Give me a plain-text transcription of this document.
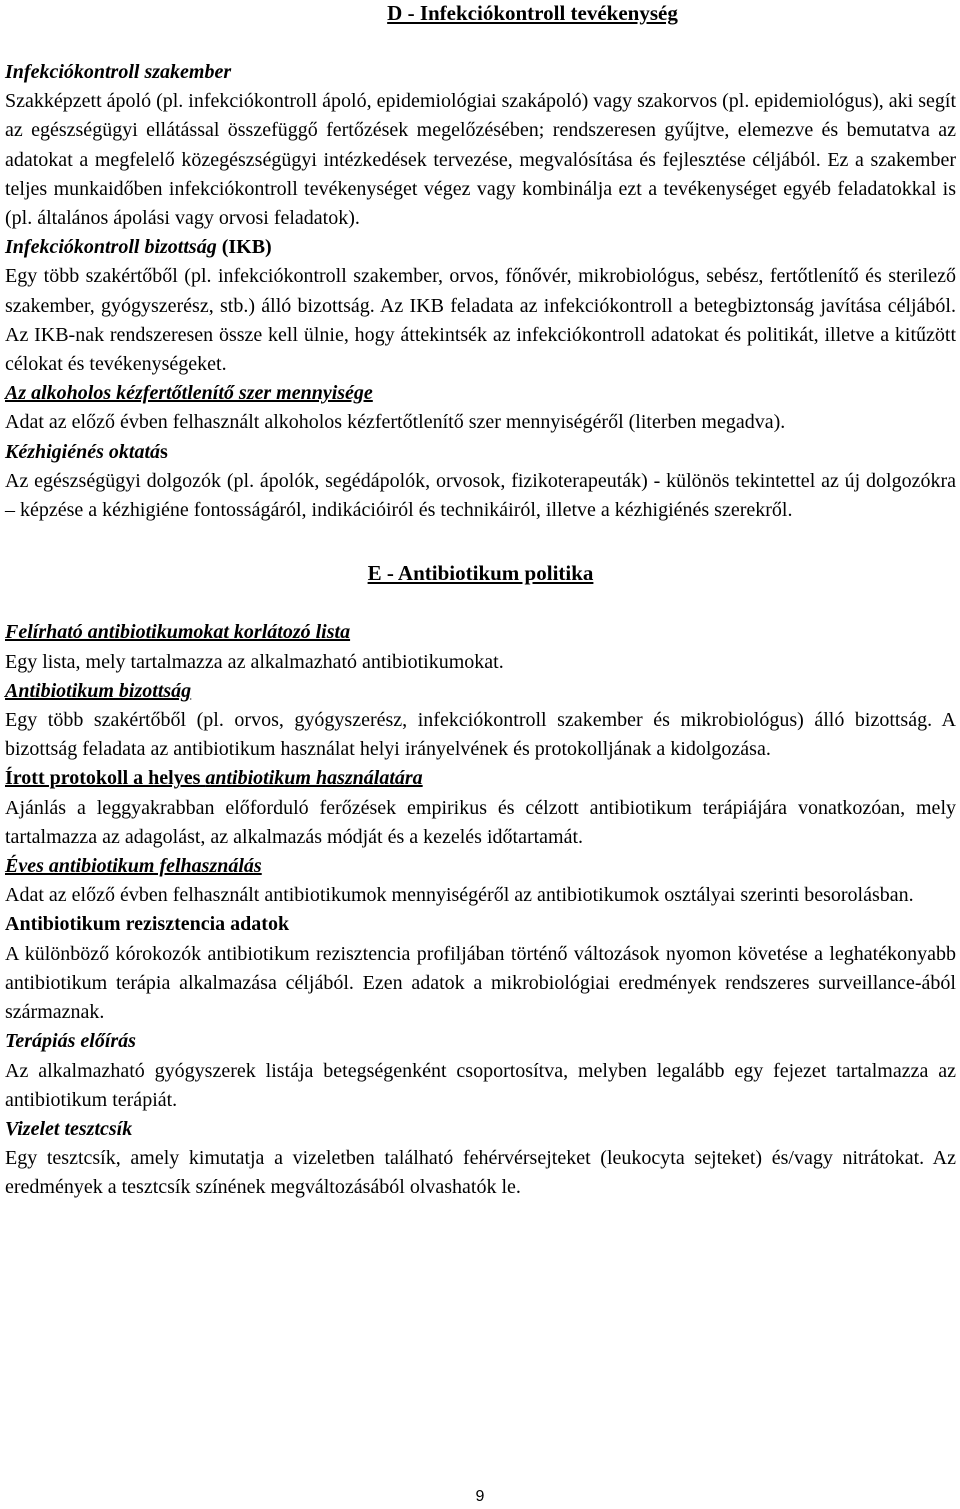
D - Infekciókontroll tevékenység
Infekciókontroll szakember

Szakképzett ápoló (pl. infekciókontroll ápoló, epidemiológiai szakápoló) vagy szakorvos (pl. epidemiológus), aki segít az egészségügyi ellátással összefüggő fertőzések megelőzésében; rendszeresen gyűjtve, elemezve és bemutatva az adatokat a megfelelő közegészségügyi intézkedések tervezése, megvalósítása és fejlesztése céljából. Ez a szakember teljes munkaidőben infekciókontroll tevékenységet végez vagy kombinálja ezt a tevékenységet egyéb feladatokkal is (pl. általános ápolási vagy orvosi feladatok).

Infekciókontroll bizottság (IKB)

Egy több szakértőből (pl. infekciókontroll szakember, orvos, főnővér, mikrobiológus, sebész, fertőtlenítő és sterilező szakember, gyógyszerész, stb.) álló bizottság. Az IKB feladata az infekciókontroll a betegbiztonság javítása céljából. Az IKB-nak rendszeresen össze kell ülnie, hogy áttekintsék az infekciókontroll adatokat és politikát, illetve a kitűzött célokat és tevékenységeket.

Az alkoholos kézfertőtlenítő szer mennyisége

Adat az előző évben felhasznált alkoholos kézfertőtlenítő szer mennyiségéről (literben megadva).

Kézhigiénés oktatás

Az egészségügyi dolgozók (pl. ápolók, segédápolók, orvosok, fizikoterapeuták) - különös tekintettel az új dolgozókra – képzése a kézhigiéne fontosságáról, indikációiról és technikáiról, illetve a kézhigiénés szerekről.

E - Antibiotikum politika
Felírható antibiotikumokat korlátozó lista

Egy lista, mely tartalmazza az alkalmazható antibiotikumokat.

Antibiotikum bizottság

Egy több szakértőből (pl. orvos, gyógyszerész, infekciókontroll szakember és mikrobiológus) álló bizottság. A bizottság feladata az antibiotikum használat helyi irányelvének és protokolljának a kidolgozása.

Írott protokoll a helyes antibiotikum használatára

Ajánlás a leggyakrabban előforduló ferőzések empirikus és célzott antibiotikum terápiájára vonatkozóan, mely tartalmazza az adagolást, az alkalmazás módját és a kezelés időtartamát.

Éves antibiotikum felhasználás

Adat az előző évben felhasznált antibiotikumok mennyiségéről az antibiotikumok osztályai szerinti besorolásban.

Antibiotikum rezisztencia adatok

A különböző kórokozók antibiotikum rezisztencia profiljában történő változások nyomon követése a leghatékonyabb antibiotikum terápia alkalmazása céljából. Ezen adatok a mikrobiológiai eredmények rendszeres surveillance-ából származnak.

Terápiás előírás

Az alkalmazható gyógyszerek listája betegségenként csoportosítva, melyben legalább egy fejezet tartalmazza az antibiotikum terápiát.

Vizelet tesztcsík

Egy tesztcsík, amely kimutatja a vizeletben található fehérvérsejteket (leukocyta sejteket) és/vagy nitrátokat. Az eredmények a tesztcsík színének megváltozásából olvashatók le.

9
